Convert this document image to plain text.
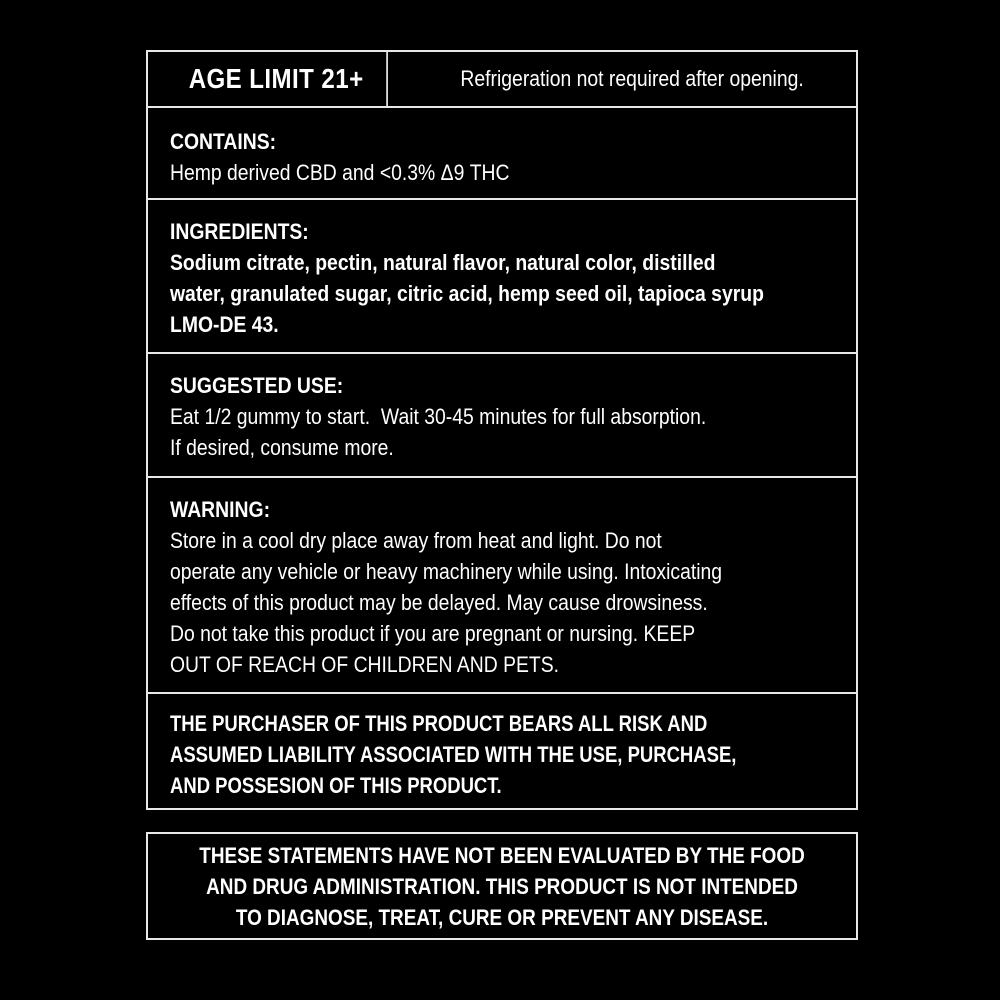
AGE LIMIT 21+	Refrigeration not required after opening.
CONTAINS:
Hemp derived CBD and <0.3% Δ9 THC
INGREDIENTS:
Sodium citrate, pectin, natural flavor, natural color, distilled
water, granulated sugar, citric acid, hemp seed oil, tapioca syrup
LMO-DE 43.
SUGGESTED USE:
Eat 1/2 gummy to start.  Wait 30-45 minutes for full absorption.
If desired, consume more.
WARNING:
Store in a cool dry place away from heat and light. Do not
operate any vehicle or heavy machinery while using. Intoxicating
effects of this product may be delayed. May cause drowsiness.
Do not take this product if you are pregnant or nursing. KEEP
OUT OF REACH OF CHILDREN AND PETS.
THE PURCHASER OF THIS PRODUCT BEARS ALL RISK AND
ASSUMED LIABILITY ASSOCIATED WITH THE USE, PURCHASE,
AND POSSESION OF THIS PRODUCT.
THESE STATEMENTS HAVE NOT BEEN EVALUATED BY THE FOOD
AND DRUG ADMINISTRATION. THIS PRODUCT IS NOT INTENDED
TO DIAGNOSE, TREAT, CURE OR PREVENT ANY DISEASE.
